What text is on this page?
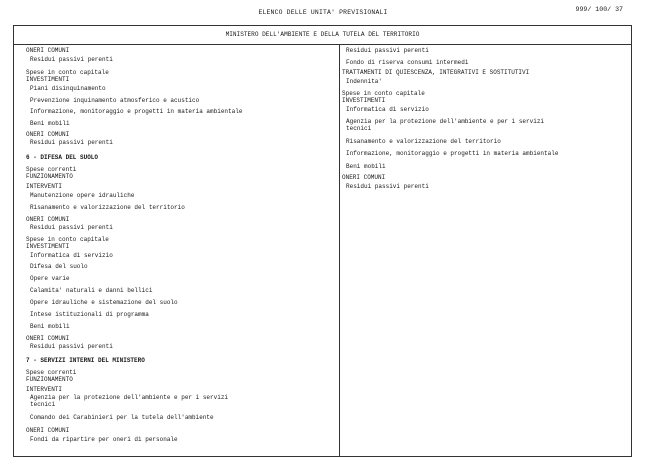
ELENCO DELLE UNITA' PREVISIONALI	999/ 100/ 37
MINISTERO DELL'AMBIENTE E DELLA TUTELA DEL TERRITORIO
ONERI COMUNI
Residui passivi perenti
Spese in conto capitale
INVESTIMENTI
Piani disinquinamento
Prevenzione inquinamento atmosferico e acustico
Informazione, monitoraggio e progetti in materia ambientale
Beni mobili
ONERI COMUNI
Residui passivi perenti
6 - DIFESA DEL SUOLO
Spese correnti
FUNZIONAMENTO
INTERVENTI
Manutenzione opere idrauliche
Risanamento e valorizzazione del territorio
ONERI COMUNI
Residui passivi perenti
Spese in conto capitale
INVESTIMENTI
Informatica di servizio
Difesa del suolo
Opere varie
Calamita' naturali e danni bellici
Opere idrauliche e sistemazione del suolo
Intese istituzionali di programma
Beni mobili
ONERI COMUNI
Residui passivi perenti
7 - SERVIZI INTERNI DEL MINISTERO
Spese correnti
FUNZIONAMENTO
INTERVENTI
Agenzia per la protezione dell'ambiente e per i servizi
tecnici
Comando dei Carabinieri per la tutela dell'ambiente
ONERI COMUNI
Fondi da ripartire per oneri di personale
Residui passivi perenti
Fondo di riserva consumi intermedi
TRATTAMENTI DI QUIESCENZA, INTEGRATIVI E SOSTITUTIVI
Indennita'
Spese in conto capitale
INVESTIMENTI
Informatica di servizio
Agenzia per la protezione dell'ambiente e per i servizi
tecnici
Risanamento e valorizzazione del territorio
Informazione, monitoraggio e progetti in materia ambientale
Beni mobili
ONERI COMUNI
Residui passivi perenti
